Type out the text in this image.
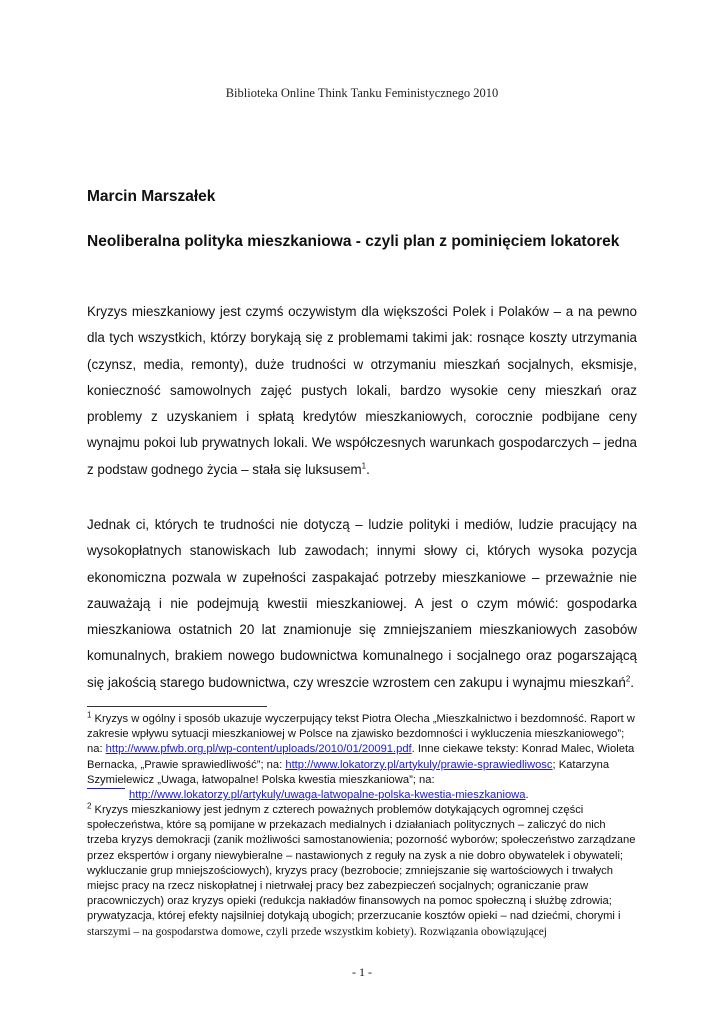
Biblioteka Online Think Tanku Feministycznego 2010
Marcin Marszałek
Neoliberalna polityka mieszkaniowa - czyli plan z pominięciem lokatorek
Kryzys mieszkaniowy jest czymś oczywistym dla większości Polek i Polaków – a na pewno dla tych wszystkich, którzy borykają się z problemami takimi jak: rosnące koszty utrzymania (czynsz, media, remonty), duże trudności w otrzymaniu mieszkań socjalnych, eksmisje, konieczność samowolnych zajęć pustych lokali, bardzo wysokie ceny mieszkań oraz problemy z uzyskaniem i spłatą kredytów mieszkaniowych, corocznie podbijane ceny wynajmu pokoi lub prywatnych lokali. We współczesnych warunkach gospodarczych – jedna z podstaw godnego życia – stała się luksusem$^1$.
Jednak ci, których te trudności nie dotyczą – ludzie polityki i mediów, ludzie pracujący na wysokopłatnych stanowiskach lub zawodach; innymi słowy ci, których wysoka pozycja ekonomiczna pozwala w zupełności zaspakajać potrzeby mieszkaniowe – przeważnie nie zauważają i nie podejmują kwestii mieszkaniowej. A jest o czym mówić: gospodarka mieszkaniowa ostatnich 20 lat znamionuje się zmniejszaniem mieszkaniowych zasobów komunalnych, brakiem nowego budownictwa komunalnego i socjalnego oraz pogarszającą się jakością starego budownictwa, czy wreszcie wzrostem cen zakupu i wynajmu mieszkań$^2$.
$^1$ Kryzys w ogólny i sposób ukazuje wyczerpujący tekst Piotra Olecha „Mieszkalnictwo i bezdomność. Raport w zakresie wpływu sytuacji mieszkaniowej w Polsce na zjawisko bezdomności i wykluczenia mieszkaniowego”; na: http://www.pfwb.org.pl/wp-content/uploads/2010/01/20091.pdf. Inne ciekawe teksty: Konrad Malec, Wioleta Bernacka, „Prawie sprawiedliwość”; na: http://www.lokatorzy.pl/artykuly/prawie-sprawiedliwosc; Katarzyna Szymielewicz „Uwaga, łatwopalne! Polska kwestia mieszkaniowa”; na:
http://www.lokatorzy.pl/artykuly/uwaga-latwopalne-polska-kwestia-mieszkaniowa.
$^2$ Kryzys mieszkaniowy jest jednym z czterech poważnych problemów dotykających ogromnej części społeczeństwa, które są pomijane w przekazach medialnych i działaniach politycznych – zaliczyć do nich trzeba kryzys demokracji (zanik możliwości samostanowienia; pozorność wyborów; społeczeństwo zarządzane przez ekspertów i organy niewybieralne – nastawionych z reguły na zysk a nie dobro obywatelek i obywateli; wykluczanie grup mniejszościowych), kryzys pracy (bezrobocie; zmniejszanie się wartościowych i trwałych miejsc pracy na rzecz niskopłatnej i nietrwałej pracy bez zabezpieczeń socjalnych; ograniczanie praw pracowniczych) oraz kryzys opieki (redukcja nakładów finansowych na pomoc społeczną i służbę zdrowia; prywatyzacja, której efekty najsilniej dotykają ubogich; przerzucanie kosztów opieki – nad dziećmi, chorymi i starszymi – na gospodarstwa domowe, czyli przede wszystkim kobiety). Rozwiązania obowiązującej
- 1 -
